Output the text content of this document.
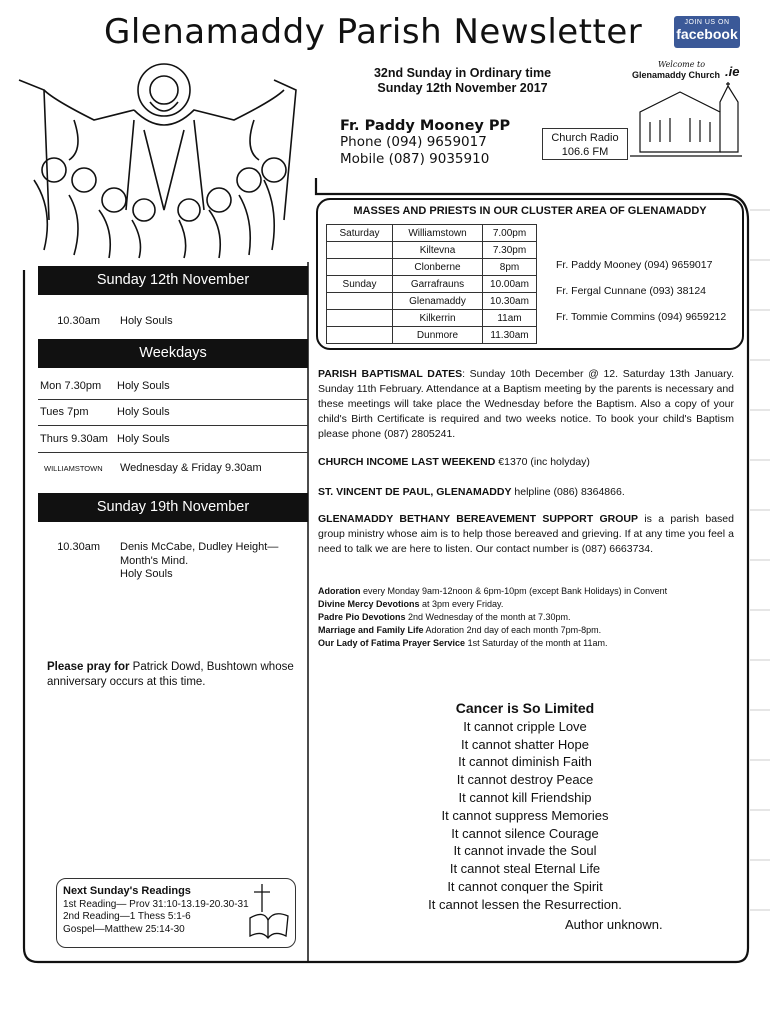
Glenamaddy Parish Newsletter	JOIN US ON
facebook
32nd Sunday in Ordinary time
Sunday 12th November 2017
Fr. Paddy Mooney PP
Phone (094) 9659017
Mobile (087) 9035910
Church Radio
106.6 FM
Welcome to
Glenamaddy Church .ie
Sunday 12th November
10.30am Holy Souls
Weekdays
Mon 7.30pm	Holy Souls
Tues 7pm	Holy Souls
Thurs 9.30am Holy Souls
WILLIAMSTOWN	Wednesday & Friday 9.30am
Sunday 19th November
10.30am Denis McCabe, Dudley Height—
Month's Mind.
Holy Souls
Please pray for Patrick Dowd, Bushtown whose anniversary occurs at this time.
Next Sunday's Readings
1st Reading— Prov 31:10-13.19-20.30-31
2nd Reading—1 Thess 5:1-6
Gospel—Matthew 25:14-30
MASSES AND PRIESTS IN OUR CLUSTER AREA OF GLENAMADDY
Saturday	Williamstown	7.00pm
	Kiltevna	7.30pm
	Clonberne	8pm
Sunday	Garrafrauns	10.00am
	Glenamaddy	10.30am
	Kilkerrin	11am
	Dunmore	11.30am
Fr. Paddy Mooney (094) 9659017
Fr. Fergal Cunnane (093) 38124
Fr. Tommie Commins (094) 9659212
PARISH BAPTISMAL DATES: Sunday 10th December @ 12. Saturday 13th January. Sunday 11th February. Attendance at a Baptism meeting by the parents is necessary and these meetings will take place the Wednesday before the Baptism. Also a copy of your child's Birth Certificate is required and two weeks notice. To book your child's Baptism please phone (087) 2805241.
CHURCH INCOME LAST WEEKEND €1370 (inc holyday)
ST. VINCENT DE PAUL, GLENAMADDY helpline (086) 8364866.
GLENAMADDY BETHANY BEREAVEMENT SUPPORT GROUP is a parish based group ministry whose aim is to help those bereaved and grieving. If at any time you feel a need to talk we are here to listen. Our contact number is (087) 6663734.
Adoration every Monday 9am-12noon & 6pm-10pm (except Bank Holidays) in Convent
Divine Mercy Devotions at 3pm every Friday.
Padre Pio Devotions 2nd Wednesday of the month at 7.30pm.
Marriage and Family Life Adoration 2nd day of each month 7pm-8pm.
Our Lady of Fatima Prayer Service 1st Saturday of the month at 11am.
Cancer is So Limited
It cannot cripple Love
It cannot shatter Hope
It cannot diminish Faith
It cannot destroy Peace
It cannot kill Friendship
It cannot suppress Memories
It cannot silence Courage
It cannot invade the Soul
It cannot steal Eternal Life
It cannot conquer the Spirit
It cannot lessen the Resurrection.
Author unknown.
